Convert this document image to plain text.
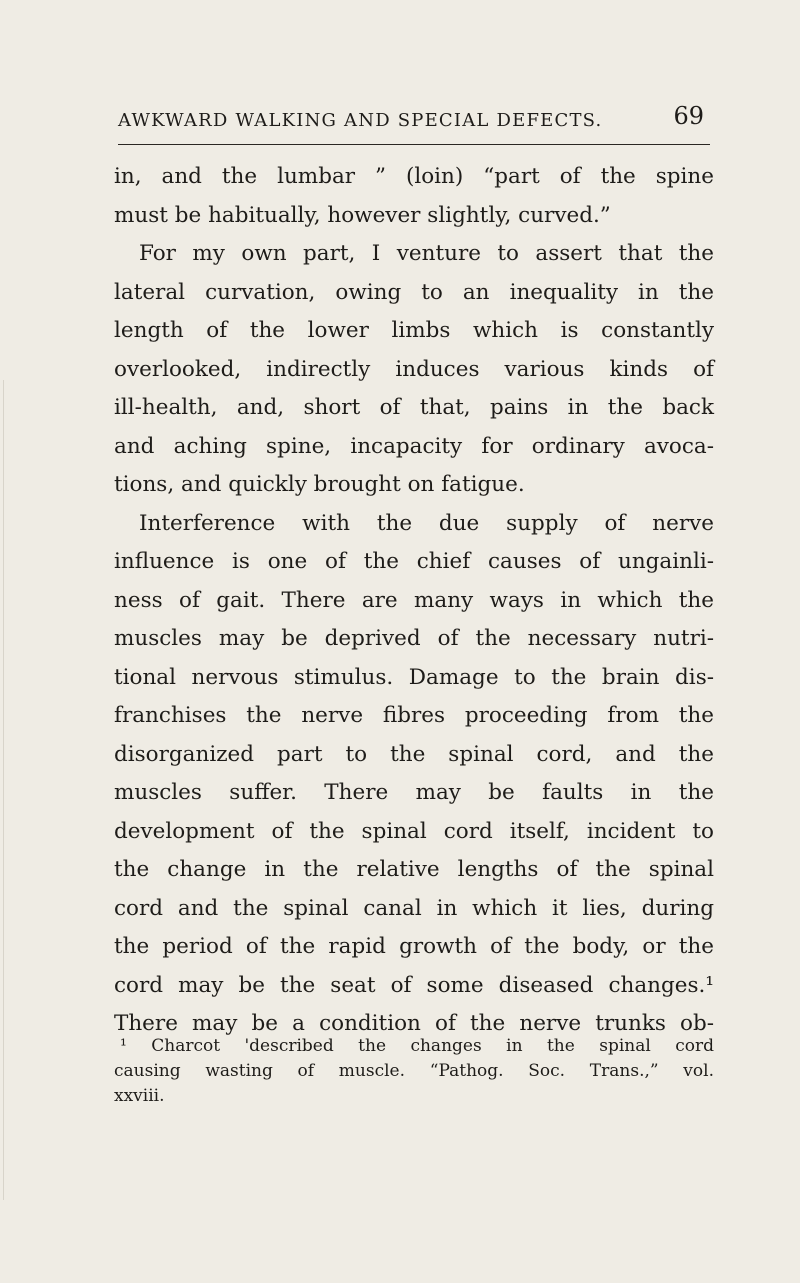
AWKWARD WALKING AND SPECIAL DEFECTS.	69
in, and the lumbar ” (loin) “part of the spine
must be habitually, however slightly, curved.”
For my own part, I venture to assert that the
lateral curvation, owing to an inequality in the
length of the lower limbs which is constantly
overlooked, indirectly induces various kinds of
ill-health, and, short of that, pains in the back
and aching spine, incapacity for ordinary avoca-
tions, and quickly brought on fatigue.
Interference with the due supply of nerve
influence is one of the chief causes of ungainli-
ness of gait. There are many ways in which the
muscles may be deprived of the necessary nutri-
tional nervous stimulus. Damage to the brain dis-
franchises the nerve fibres proceeding from the
disorganized part to the spinal cord, and the
muscles suffer. There may be faults in the
development of the spinal cord itself, incident to
the change in the relative lengths of the spinal
cord and the spinal canal in which it lies, during
the period of the rapid growth of the body, or the
cord may be the seat of some diseased changes.¹
There may be a condition of the nerve trunks ob-
¹ Charcot 'described the changes in the spinal cord
causing wasting of muscle. “Pathog. Soc. Trans.,” vol.
xxviii.
